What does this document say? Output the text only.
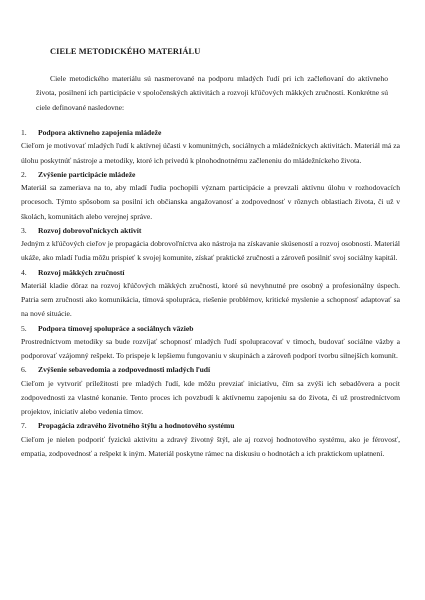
CIELE METODICKÉHO MATERIÁLU

Ciele metodického materiálu sú nasmerované na podporu mladých ľudí pri ich začleňovaní do aktívneho života, posilnení ich participácie v spoločenských aktivitách a rozvoji kľúčových mäkkých zručností. Konkrétne sú ciele definované nasledovne:

1. Podpora aktívneho zapojenia mládeže

Cieľom je motivovať mladých ľudí k aktívnej účasti v komunitných, sociálnych a mládežníckych aktivitách. Materiál má za úlohu poskytnúť nástroje a metodiky, ktoré ich privedú k plnohodnotnému začleneniu do mládežníckeho života.

2. Zvýšenie participácie mládeže

Materiál sa zameriava na to, aby mladí ľudia pochopili význam participácie a prevzali aktívnu úlohu v rozhodovacích procesoch. Týmto spôsobom sa posilní ich občianska angažovanosť a zodpovednosť v rôznych oblastiach života, či už v školách, komunitách alebo verejnej správe.

3. Rozvoj dobrovoľníckych aktivít

Jedným z kľúčových cieľov je propagácia dobrovoľníctva ako nástroja na získavanie skúseností a rozvoj osobnosti. Materiál ukáže, ako mladí ľudia môžu prispieť k svojej komunite, získať praktické zručnosti a zároveň posilniť svoj sociálny kapitál.

4. Rozvoj mäkkých zručností

Materiál kladie dôraz na rozvoj kľúčových mäkkých zručností, ktoré sú nevyhnutné pre osobný a profesionálny úspech. Patria sem zručnosti ako komunikácia, tímová spolupráca, riešenie problémov, kritické myslenie a schopnosť adaptovať sa na nové situácie.

5. Podpora tímovej spolupráce a sociálnych väzieb

Prostredníctvom metodiky sa bude rozvíjať schopnosť mladých ľudí spolupracovať v tímoch, budovať sociálne väzby a podporovať vzájomný rešpekt. To prispeje k lepšiemu fungovaniu v skupinách a zároveň podporí tvorbu silnejších komunít.

6. Zvýšenie sebavedomia a zodpovednosti mladých ľudí

Cieľom je vytvoriť príležitosti pre mladých ľudí, kde môžu prevziať iniciatívu, čím sa zvýši ich sebadôvera a pocit zodpovednosti za vlastné konanie. Tento proces ich povzbudí k aktívnemu zapojeniu sa do života, či už prostredníctvom projektov, iniciatív alebo vedenia tímov.

7. Propagácia zdravého životného štýlu a hodnotového systému

Cieľom je nielen podporiť fyzickú aktivitu a zdravý životný štýl, ale aj rozvoj hodnotového systému, ako je férovosť, empatia, zodpovednosť a rešpekt k iným. Materiál poskytne rámec na diskusiu o hodnotách a ich praktickom uplatnení.
